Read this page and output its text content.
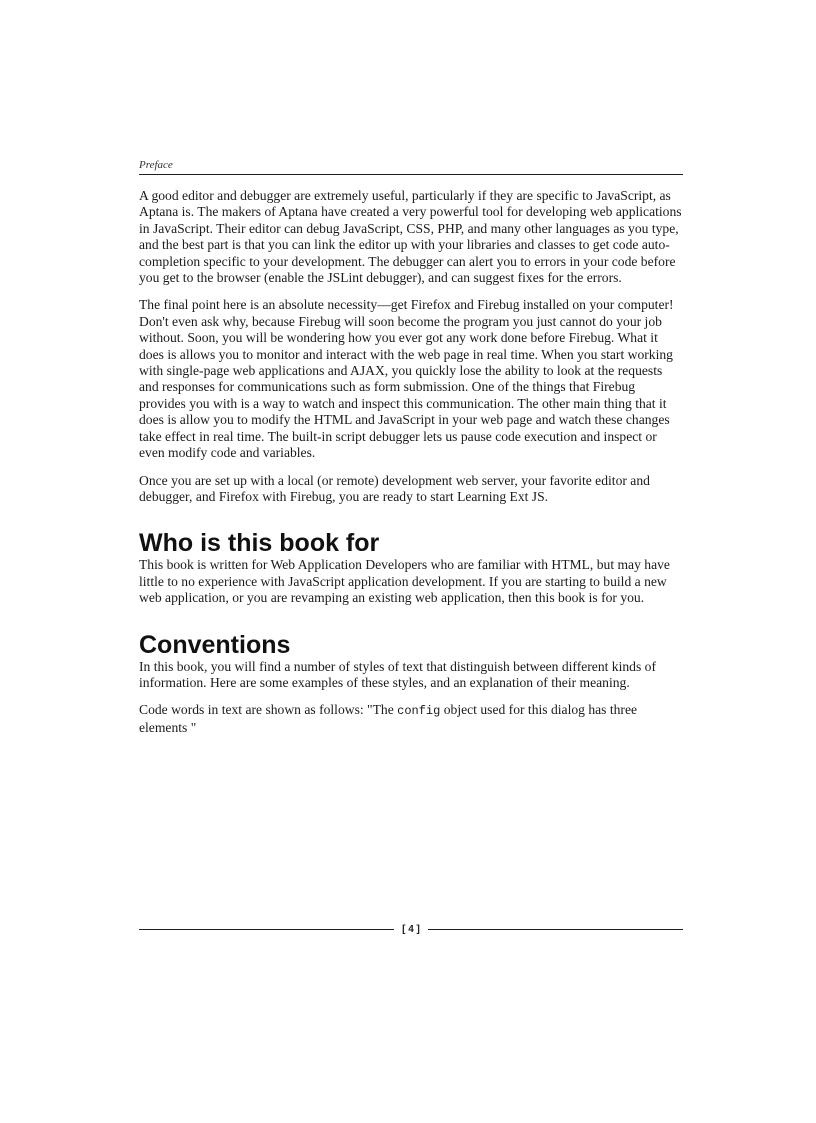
Preface

A good editor and debugger are extremely useful, particularly if they are specific to JavaScript, as Aptana is. The makers of Aptana have created a very powerful tool for developing web applications in JavaScript. Their editor can debug JavaScript, CSS, PHP, and many other languages as you type, and the best part is that you can link the editor up with your libraries and classes to get code auto-completion specific to your development. The debugger can alert you to errors in your code before you get to the browser (enable the JSLint debugger), and can suggest fixes for the errors.

The final point here is an absolute necessity—get Firefox and Firebug installed on your computer! Don't even ask why, because Firebug will soon become the program you just cannot do your job without. Soon, you will be wondering how you ever got any work done before Firebug. What it does is allows you to monitor and interact with the web page in real time. When you start working with single-page web applications and AJAX, you quickly lose the ability to look at the requests and responses for communications such as form submission. One of the things that Firebug provides you with is a way to watch and inspect this communication. The other main thing that it does is allow you to modify the HTML and JavaScript in your web page and watch these changes take effect in real time. The built-in script debugger lets us pause code execution and inspect or even modify code and variables.

Once you are set up with a local (or remote) development web server, your favorite editor and debugger, and Firefox with Firebug, you are ready to start Learning Ext JS.

Who is this book for

This book is written for Web Application Developers who are familiar with HTML, but may have little to no experience with JavaScript application development. If you are starting to build a new web application, or you are revamping an existing web application, then this book is for you.

Conventions

In this book, you will find a number of styles of text that distinguish between different kinds of information. Here are some examples of these styles, and an explanation of their meaning.

Code words in text are shown as follows: "The config object used for this dialog has three elements "

[ 4 ]
